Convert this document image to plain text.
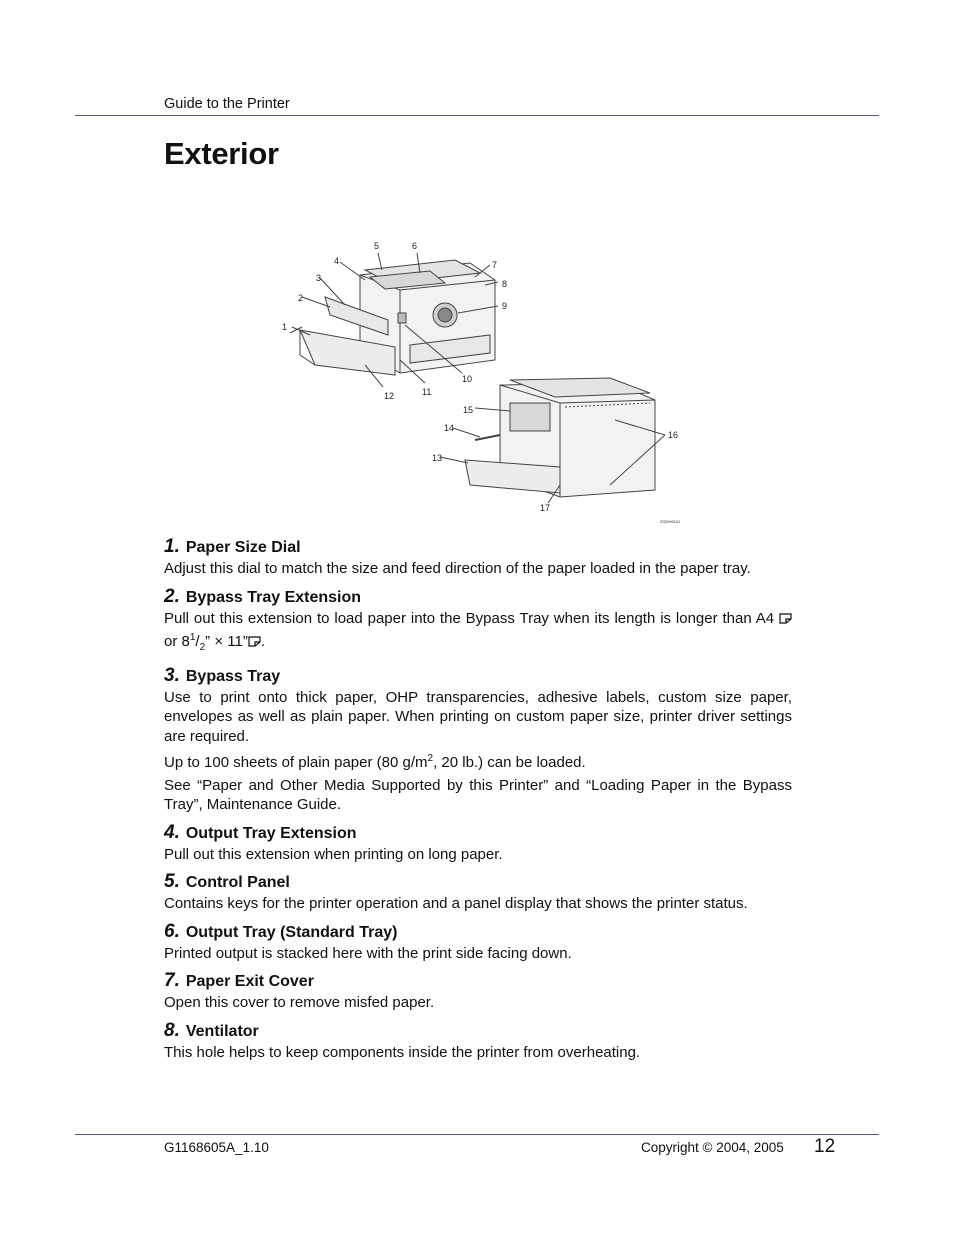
Guide to the Printer
Exterior
1
2
3
4
5	6
7
8
9
10
11
12
13
14
15
16
17
ZGDH910J
1. Paper Size Dial

Adjust this dial to match the size and feed direction of the paper loaded in the paper tray.

2. Bypass Tray Extension

Pull out this extension to load paper into the Bypass Tray when its length is longer than A4  or $8^1/_2$” × 11” .

3. Bypass Tray

Use to print onto thick paper, OHP transparencies, adhesive labels, custom size paper, envelopes as well as plain paper. When printing on custom paper size, printer driver settings are required.

Up to 100 sheets of plain paper (80 $g/m^2$, 20 lb.) can be loaded.

See “Paper and Other Media Supported by this Printer” and “Loading Paper in the Bypass Tray”, Maintenance Guide.

4. Output Tray Extension

Pull out this extension when printing on long paper.

5. Control Panel

Contains keys for the printer operation and a panel display that shows the printer status.

6. Output Tray (Standard Tray)

Printed output is stacked here with the print side facing down.

7. Paper Exit Cover

Open this cover to remove misfed paper.

8. Ventilator

This hole helps to keep components inside the printer from overheating.

G1168605A_1.10	Copyright © 2004, 2005 12
